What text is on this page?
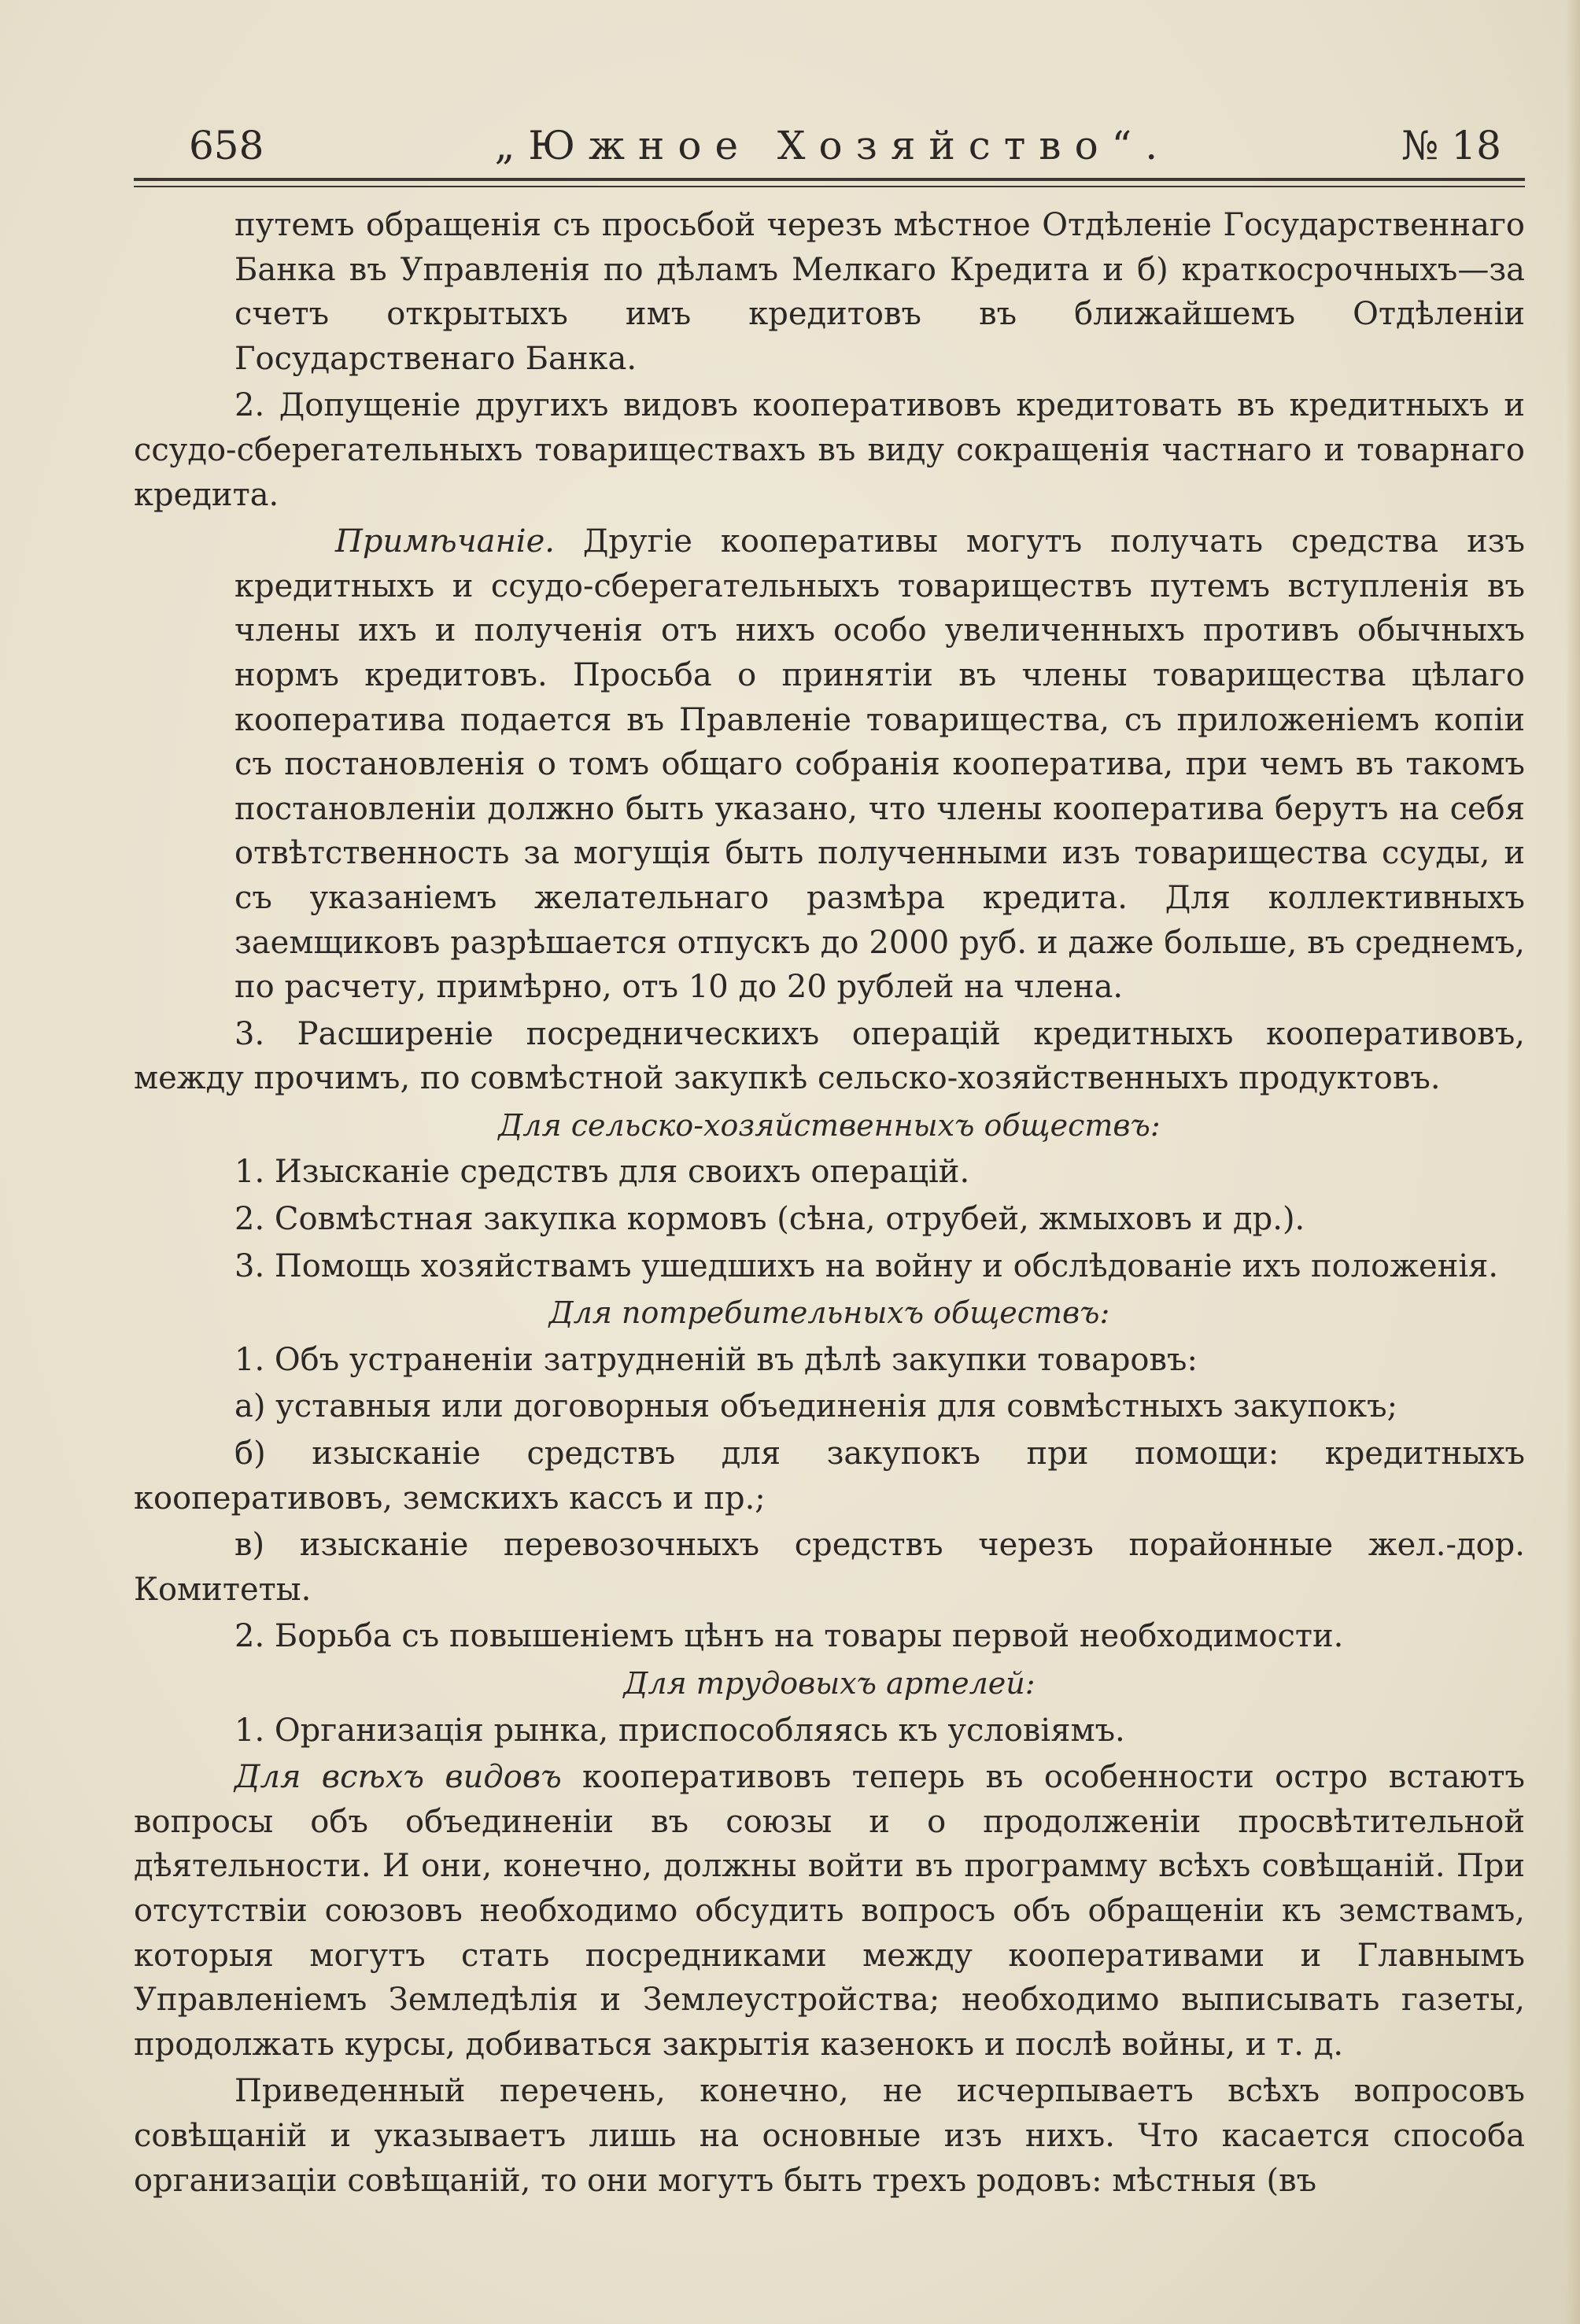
658	„Южное Хозяйство“.	№ 18

путемъ обращенія съ просьбой черезъ мѣстное Отдѣленіе Государственнаго Банка въ Управленія по дѣламъ Мелкаго Кредита и б) краткосрочныхъ—за счетъ открытыхъ имъ кредитовъ въ ближайшемъ Отдѣленіи Государственаго Банка.

2. Допущеніе другихъ видовъ кооперативовъ кредитовать въ кредитныхъ и ссудо-сберегательныхъ товариществахъ въ виду сокращенія частнаго и товарнаго кредита.

Примѣчаніе. Другіе кооперативы могутъ получать средства изъ кредитныхъ и ссудо-сберегательныхъ товариществъ путемъ вступленія въ члены ихъ и полученія отъ нихъ особо увеличенныхъ противъ обычныхъ нормъ кредитовъ. Просьба о принятіи въ члены товарищества цѣлаго кооператива подается въ Правленіе товарищества, съ приложеніемъ копіи съ постановленія о томъ общаго собранія кооператива, при чемъ въ такомъ постановленіи должно быть указано, что члены кооператива берутъ на себя отвѣтственность за могущія быть полученными изъ товарищества ссуды, и съ указаніемъ желательнаго размѣра кредита. Для коллективныхъ заемщиковъ разрѣшается отпускъ до 2000 руб. и даже больше, въ среднемъ, по расчету, примѣрно, отъ 10 до 20 рублей на члена.

3. Расширеніе посредническихъ операцій кредитныхъ кооперативовъ, между прочимъ, по совмѣстной закупкѣ сельско-хозяйственныхъ продуктовъ.

Для сельско-хозяйственныхъ обществъ:

1. Изысканіе средствъ для своихъ операцій.

2. Совмѣстная закупка кормовъ (сѣна, отрубей, жмыховъ и др.).

3. Помощь хозяйствамъ ушедшихъ на войну и обслѣдованіе ихъ положенія.

Для потребительныхъ обществъ:

1. Объ устраненіи затрудненій въ дѣлѣ закупки товаровъ:

а) уставныя или договорныя объединенія для совмѣстныхъ закупокъ;

б) изысканіе средствъ для закупокъ при помощи: кредитныхъ кооперативовъ, земскихъ кассъ и пр.;

в) изысканіе перевозочныхъ средствъ черезъ порайонные жел.-дор. Комитеты.

2. Борьба съ повышеніемъ цѣнъ на товары первой необходимости.

Для трудовыхъ артелей:

1. Организація рынка, приспособляясь къ условіямъ.

Для всѣхъ видовъ кооперативовъ теперь въ особенности остро встаютъ вопросы объ объединеніи въ союзы и о продолженіи просвѣтительной дѣятельности. И они, конечно, должны войти въ программу всѣхъ совѣщаній. При отсутствіи союзовъ необходимо обсудить вопросъ объ обращеніи къ земствамъ, которыя могутъ стать посредниками между кооперативами и Главнымъ Управленіемъ Земледѣлія и Землеустройства; необходимо выписывать газеты, продолжать курсы, добиваться закрытія казенокъ и послѣ войны, и т. д.

Приведенный перечень, конечно, не исчерпываетъ всѣхъ вопросовъ совѣщаній и указываетъ лишь на основные изъ нихъ. Что касается способа организаціи совѣщаній, то они могутъ быть трехъ родовъ: мѣстныя (въ
